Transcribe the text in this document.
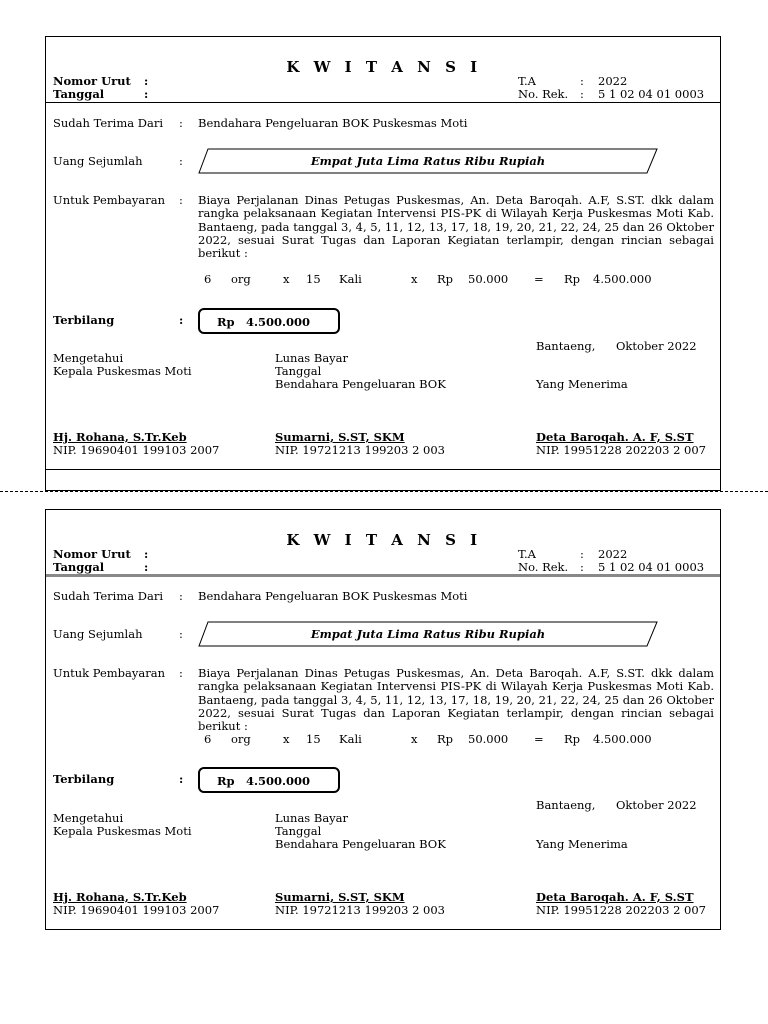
K W I T A N S I
Nomor Urut :
Tanggal	:
T.A	: 2022
No. Rek. : 5 1 02 04 01 0003
Sudah Terima Dari : Bendahara Pengeluaran BOK Puskesmas Moti
Uang Sejumlah	:	Empat Juta Lima Ratus Ribu Rupiah
Untuk Pembayaran : Biaya Perjalanan Dinas Petugas Puskesmas, An. Deta Baroqah. A.F, S.ST. dkk dalam rangka pelaksanaan Kegiatan Intervensi PIS-PK di Wilayah Kerja Puskesmas Moti Kab. Bantaeng, pada tanggal 3, 4, 5, 11, 12, 13, 17, 18, 19, 20, 21, 22, 24, 25 dan 26 Oktober 2022, sesuai Surat Tugas dan Laporan Kegiatan terlampir, dengan rincian sebagai berikut :
6 org	x 15 Kali	x Rp 50.000 = Rp 4.500.000
Terbilang	:	Rp 4.500.000
Bantaeng, Oktober 2022
Mengetahui
Kepala Puskesmas Moti
Lunas Bayar
Tanggal
Bendahara Pengeluaran BOK	Yang Menerima
Hj. Rohana, S.Tr.Keb
NIP. 19690401 199103 2007
Sumarni, S.ST, SKM
NIP. 19721213 199203 2 003
Deta Baroqah. A. F, S.ST
NIP. 19951228 202203 2 007
K W I T A N S I
Nomor Urut :
Tanggal	:
T.A	: 2022
No. Rek. : 5 1 02 04 01 0003
Sudah Terima Dari : Bendahara Pengeluaran BOK Puskesmas Moti
Uang Sejumlah	:	Empat Juta Lima Ratus Ribu Rupiah
Untuk Pembayaran : Biaya Perjalanan Dinas Petugas Puskesmas, An. Deta Baroqah. A.F, S.ST. dkk dalam rangka pelaksanaan Kegiatan Intervensi PIS-PK di Wilayah Kerja Puskesmas Moti Kab. Bantaeng, pada tanggal 3, 4, 5, 11, 12, 13, 17, 18, 19, 20, 21, 22, 24, 25 dan 26 Oktober 2022, sesuai Surat Tugas dan Laporan Kegiatan terlampir, dengan rincian sebagai berikut :
6 org	x 15 Kali	x Rp 50.000 = Rp 4.500.000
Terbilang	:	Rp 4.500.000
Bantaeng, Oktober 2022
Mengetahui
Kepala Puskesmas Moti
Lunas Bayar
Tanggal
Bendahara Pengeluaran BOK	Yang Menerima
Hj. Rohana, S.Tr.Keb
NIP. 19690401 199103 2007
Sumarni, S.ST, SKM
NIP. 19721213 199203 2 003
Deta Baroqah. A. F, S.ST
NIP. 19951228 202203 2 007
